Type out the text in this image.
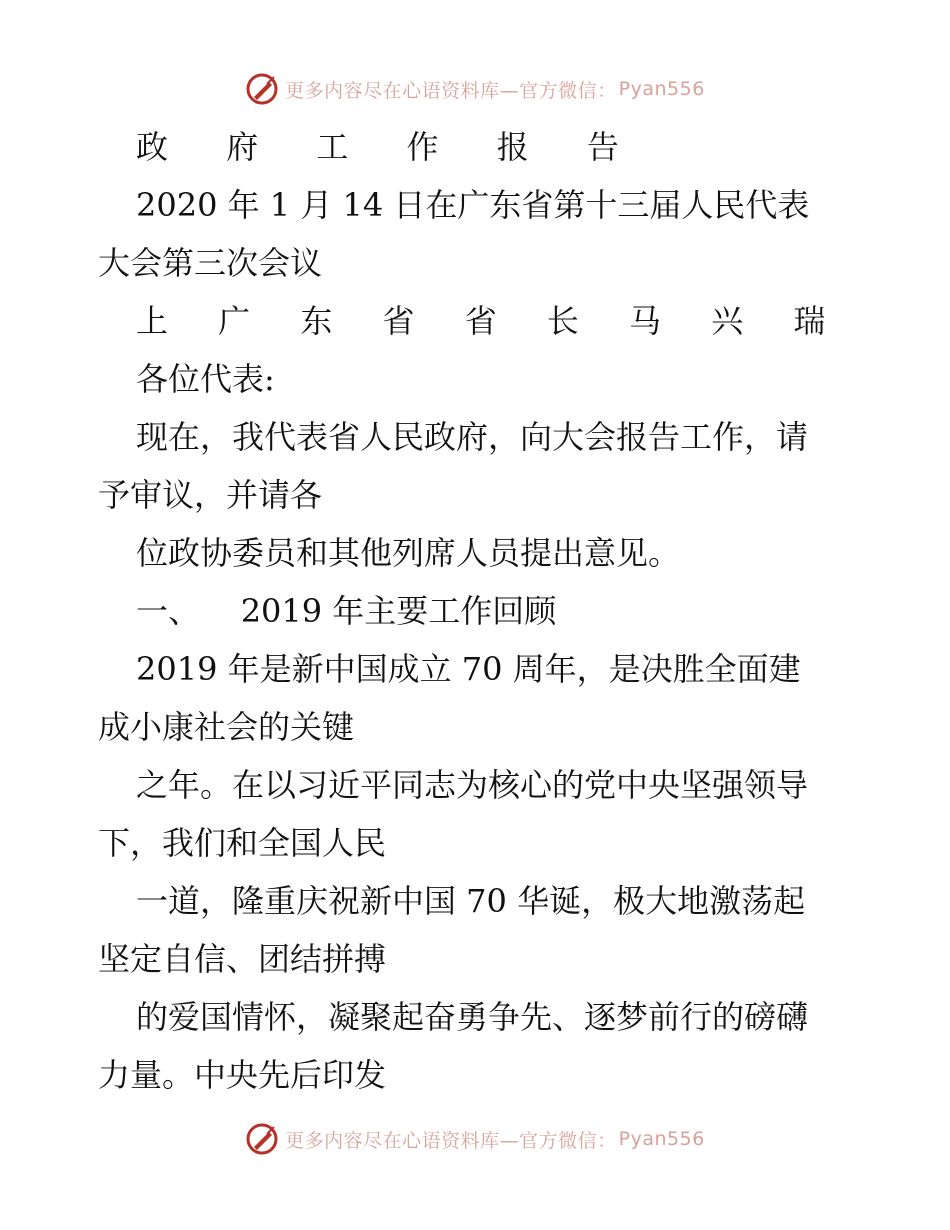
更多内容尽在心语资料库—官方微信： Pyan556
政 府 工 作 报 告
2020 年 1 月 14 日在广东省第十三届人民代表
大会第三次会议
上 广 东 省 省 长 马 兴 瑞
各位代表:
现在，我代表省人民政府，向大会报告工作，请
予审议，并请各
位政协委员和其他列席人员提出意见。
一、    2019 年主要工作回顾
2019 年是新中国成立 70 周年，是决胜全面建
成小康社会的关键
之年。在以习近平同志为核心的党中央坚强领导
下，我们和全国人民
一道，隆重庆祝新中国 70 华诞，极大地激荡起
坚定自信、团结拼搏
的爱国情怀，凝聚起奋勇争先、逐梦前行的磅礴
力量。中央先后印发
更多内容尽在心语资料库—官方微信： Pyan556
